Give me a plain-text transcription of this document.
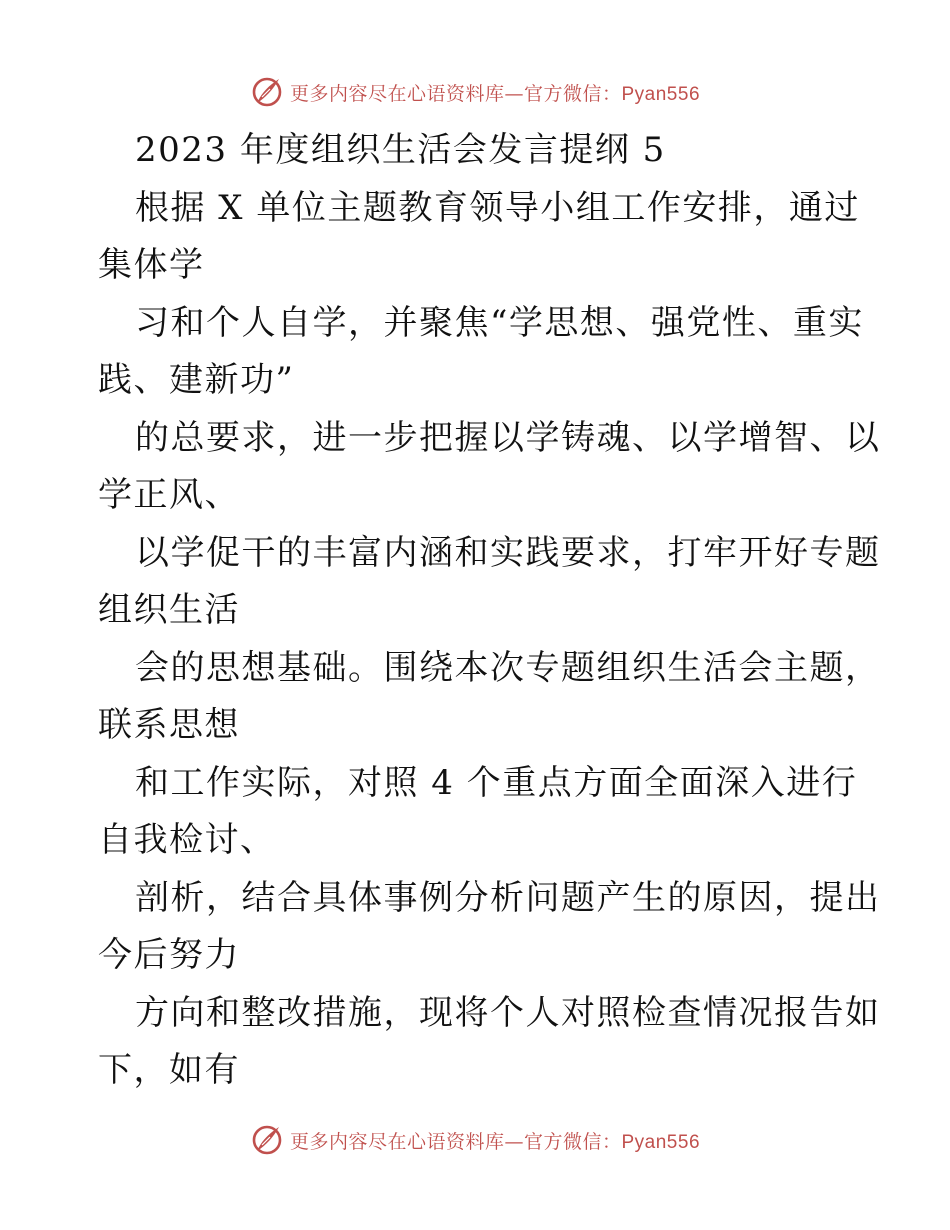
更多内容尽在心语资料库—官方微信：Pyan556
2023 年度组织生活会发言提纲 5
根据 X 单位主题教育领导小组工作安排，通过
集体学
习和个人自学，并聚焦“学思想、强党性、重实
践、建新功”
的总要求，进一步把握以学铸魂、以学增智、以
学正风、
以学促干的丰富内涵和实践要求，打牢开好专题
组织生活
会的思想基础。围绕本次专题组织生活会主题，
联系思想
和工作实际，对照 4 个重点方面全面深入进行
自我检讨、
剖析，结合具体事例分析问题产生的原因，提出
今后努力
方向和整改措施，现将个人对照检查情况报告如
下，如有
更多内容尽在心语资料库—官方微信：Pyan556
